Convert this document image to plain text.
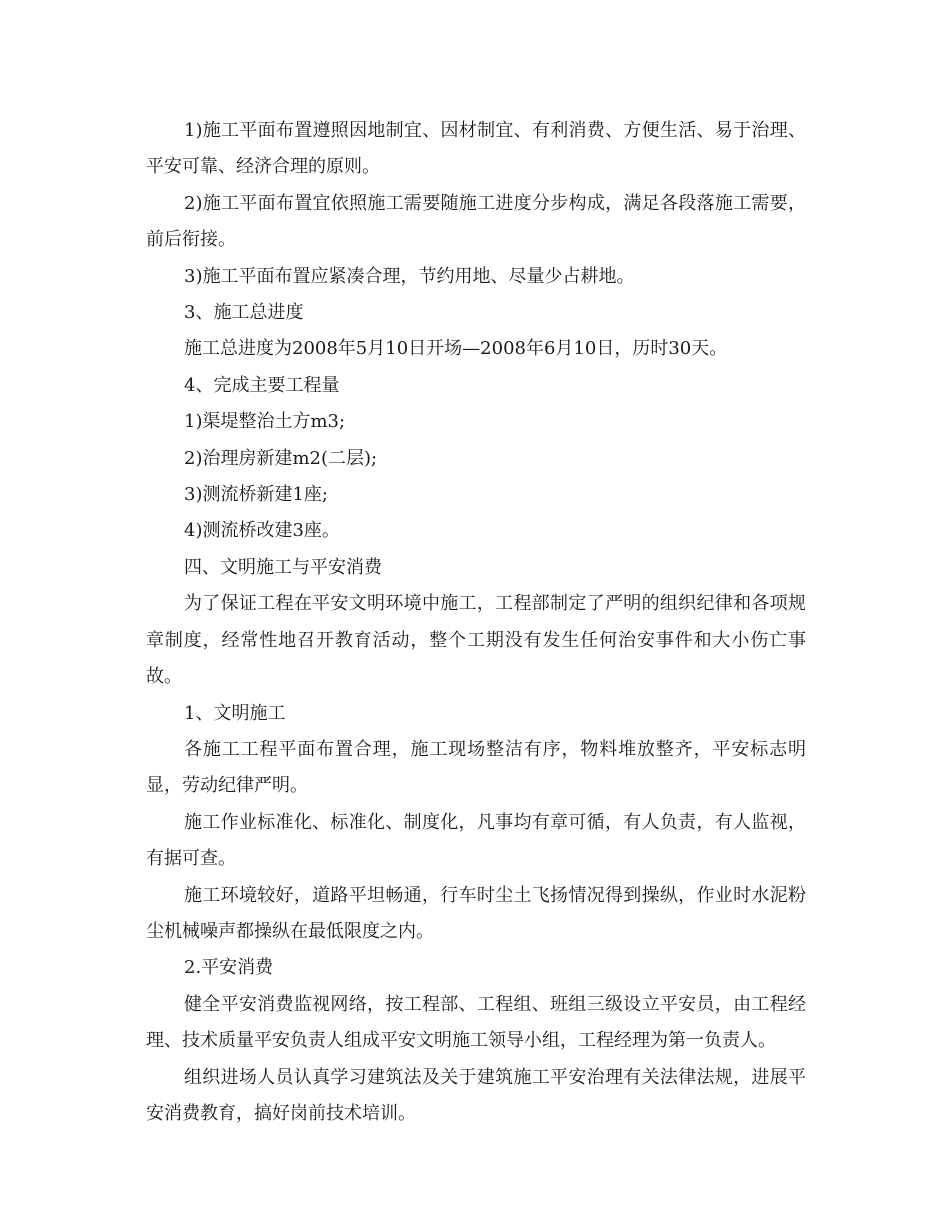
1)施工平面布置遵照因地制宜、因材制宜、有利消费、方便生活、易于治理、平安可靠、经济合理的原则。

2)施工平面布置宜依照施工需要随施工进度分步构成，满足各段落施工需要，前后衔接。

3)施工平面布置应紧凑合理，节约用地、尽量少占耕地。

3、施工总进度

施工总进度为2008年5月10日开场—2008年6月10日，历时30天。

4、完成主要工程量

1)渠堤整治土方m3;

2)治理房新建m2(二层);

3)测流桥新建1座;

4)测流桥改建3座。

四、文明施工与平安消费

为了保证工程在平安文明环境中施工，工程部制定了严明的组织纪律和各项规章制度，经常性地召开教育活动，整个工期没有发生任何治安事件和大小伤亡事故。

1、文明施工

各施工工程平面布置合理，施工现场整洁有序，物料堆放整齐，平安标志明显，劳动纪律严明。

施工作业标准化、标准化、制度化，凡事均有章可循，有人负责，有人监视，有据可查。

施工环境较好，道路平坦畅通，行车时尘土飞扬情况得到操纵，作业时水泥粉尘机械噪声都操纵在最低限度之内。

2.平安消费

健全平安消费监视网络，按工程部、工程组、班组三级设立平安员，由工程经理、技术质量平安负责人组成平安文明施工领导小组，工程经理为第一负责人。

组织进场人员认真学习建筑法及关于建筑施工平安治理有关法律法规，进展平安消费教育，搞好岗前技术培训。
